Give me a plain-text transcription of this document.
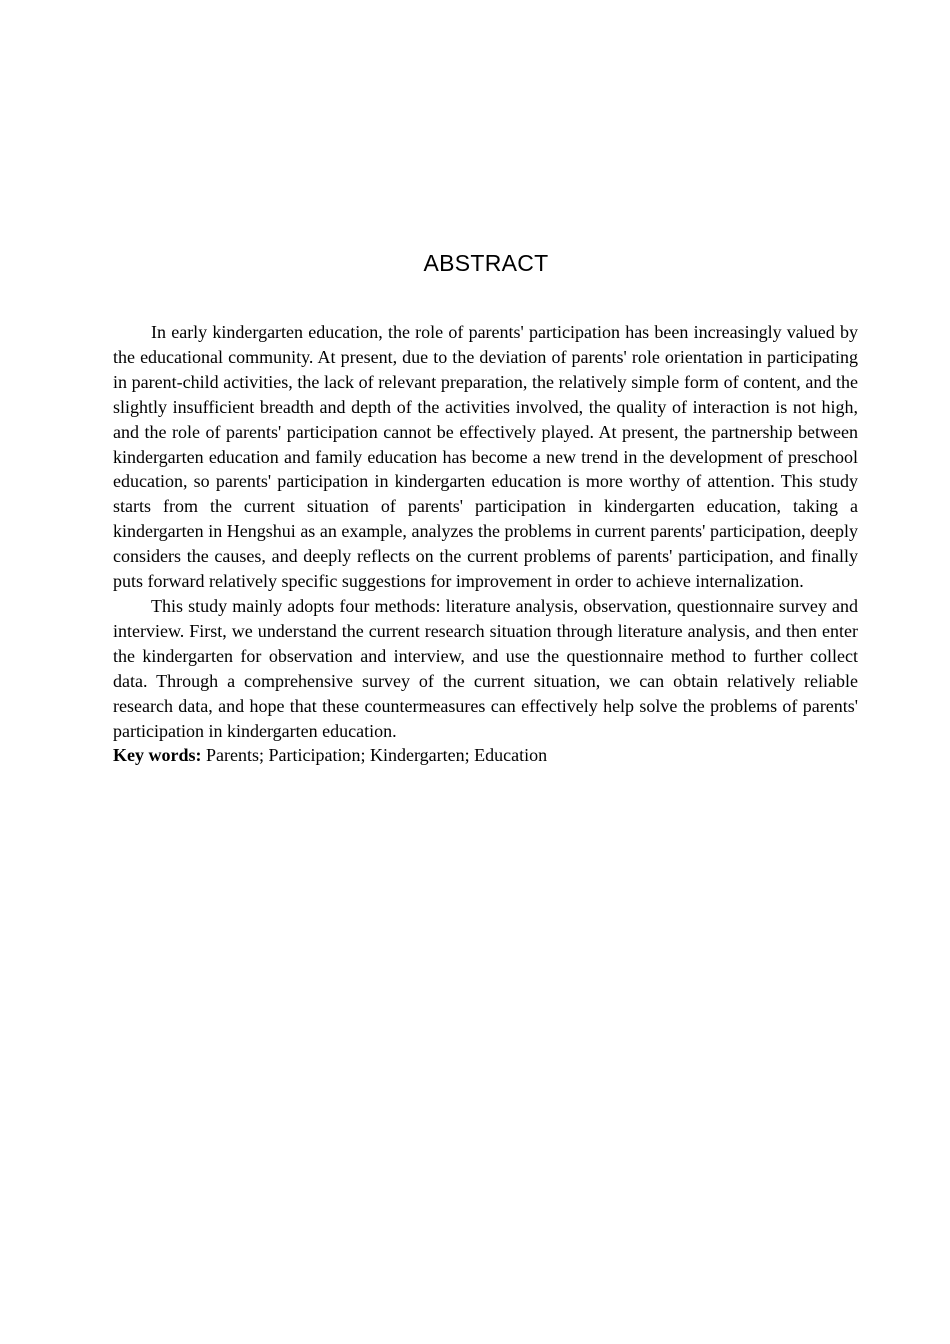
ABSTRACT

In early kindergarten education, the role of parents' participation has been increasingly valued by the educational community. At present, due to the deviation of parents' role orientation in participating in parent-child activities, the lack of relevant preparation, the relatively simple form of content, and the slightly insufficient breadth and depth of the activities involved, the quality of interaction is not high, and the role of parents' participation cannot be effectively played. At present, the partnership between kindergarten education and family education has become a new trend in the development of preschool education, so parents' participation in kindergarten education is more worthy of attention. This study starts from the current situation of parents' participation in kindergarten education, taking a kindergarten in Hengshui as an example, analyzes the problems in current parents' participation, deeply considers the causes, and deeply reflects on the current problems of parents' participation, and finally puts forward relatively specific suggestions for improvement in order to achieve internalization.

This study mainly adopts four methods: literature analysis, observation, questionnaire survey and interview. First, we understand the current research situation through literature analysis, and then enter the kindergarten for observation and interview, and use the questionnaire method to further collect data. Through a comprehensive survey of the current situation, we can obtain relatively reliable research data, and hope that these countermeasures can effectively help solve the problems of parents' participation in kindergarten education.

Key words: Parents; Participation; Kindergarten; Education
